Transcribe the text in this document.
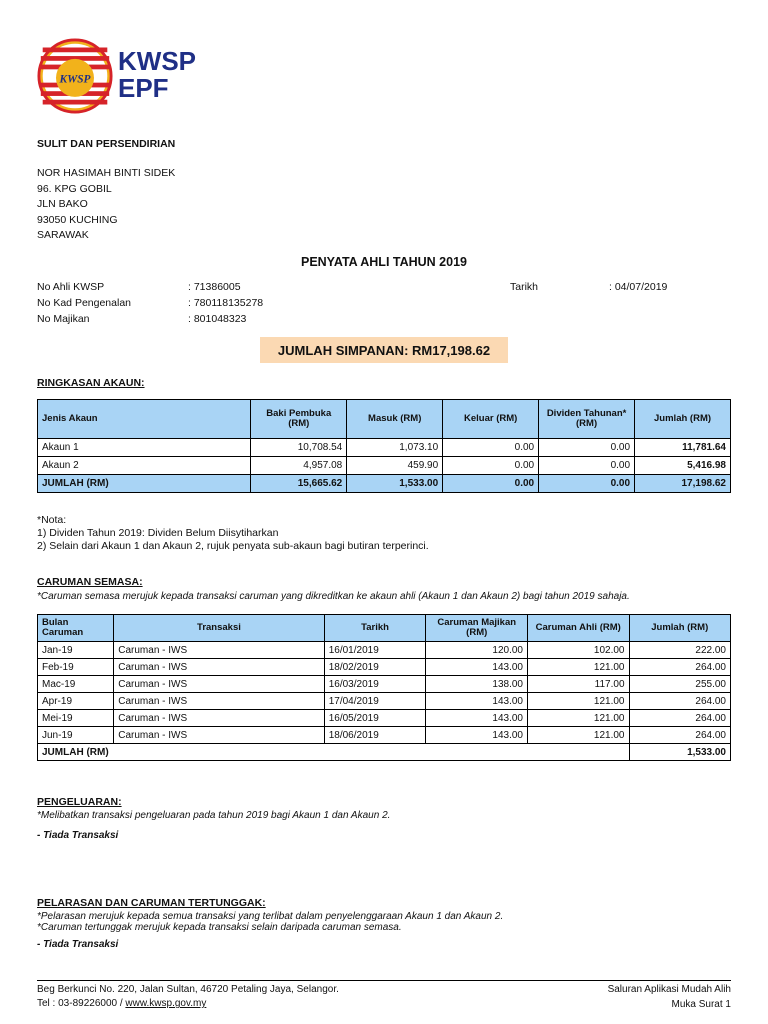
KWSP
KWSP
EPF
SULIT DAN PERSENDIRIAN
NOR HASIMAH BINTI SIDEK
96. KPG GOBIL
JLN BAKO
93050 KUCHING
SARAWAK
PENYATA AHLI TAHUN 2019
No Ahli KWSP	: 71386005	Tarikh	: 04/07/2019
No Kad Pengenalan	: 780118135278
No Majikan	: 801048323
JUMLAH SIMPANAN: RM17,198.62
RINGKASAN AKAUN:
Jenis Akaun	Baki Pembuka (RM)	Masuk (RM)	Keluar (RM)	Dividen Tahunan* (RM)	Jumlah (RM)
Akaun 1	10,708.54	1,073.10	0.00	0.00	11,781.64
Akaun 2	4,957.08	459.90	0.00	0.00	5,416.98
JUMLAH (RM)	15,665.62	1,533.00	0.00	0.00	17,198.62
*Nota:
1) Dividen Tahun 2019: Dividen Belum Diisytiharkan
2) Selain dari Akaun 1 dan Akaun 2, rujuk penyata sub-akaun bagi butiran terperinci.
CARUMAN SEMASA:
*Caruman semasa merujuk kepada transaksi caruman yang dikreditkan ke akaun ahli (Akaun 1 dan Akaun 2) bagi tahun 2019 sahaja.
Bulan Caruman	Transaksi	Tarikh	Caruman Majikan (RM)	Caruman Ahli (RM)	Jumlah (RM)
Jan-19	Caruman - IWS	16/01/2019	120.00	102.00	222.00
Feb-19	Caruman - IWS	18/02/2019	143.00	121.00	264.00
Mac-19	Caruman - IWS	16/03/2019	138.00	117.00	255.00
Apr-19	Caruman - IWS	17/04/2019	143.00	121.00	264.00
Mei-19	Caruman - IWS	16/05/2019	143.00	121.00	264.00
Jun-19	Caruman - IWS	18/06/2019	143.00	121.00	264.00
JUMLAH (RM)					1,533.00
PENGELUARAN:
*Melibatkan transaksi pengeluaran pada tahun 2019 bagi Akaun 1 dan Akaun 2.
- Tiada Transaksi
PELARASAN DAN CARUMAN TERTUNGGAK:
*Pelarasan merujuk kepada semua transaksi yang terlibat dalam penyelenggaraan Akaun 1 dan Akaun 2.
*Caruman tertunggak merujuk kepada transaksi selain daripada caruman semasa.
- Tiada Transaksi
Beg Berkunci No. 220, Jalan Sultan, 46720 Petaling Jaya, Selangor.
Tel : 03-89226000 / www.kwsp.gov.my
Saluran Aplikasi Mudah Alih
Muka Surat 1
